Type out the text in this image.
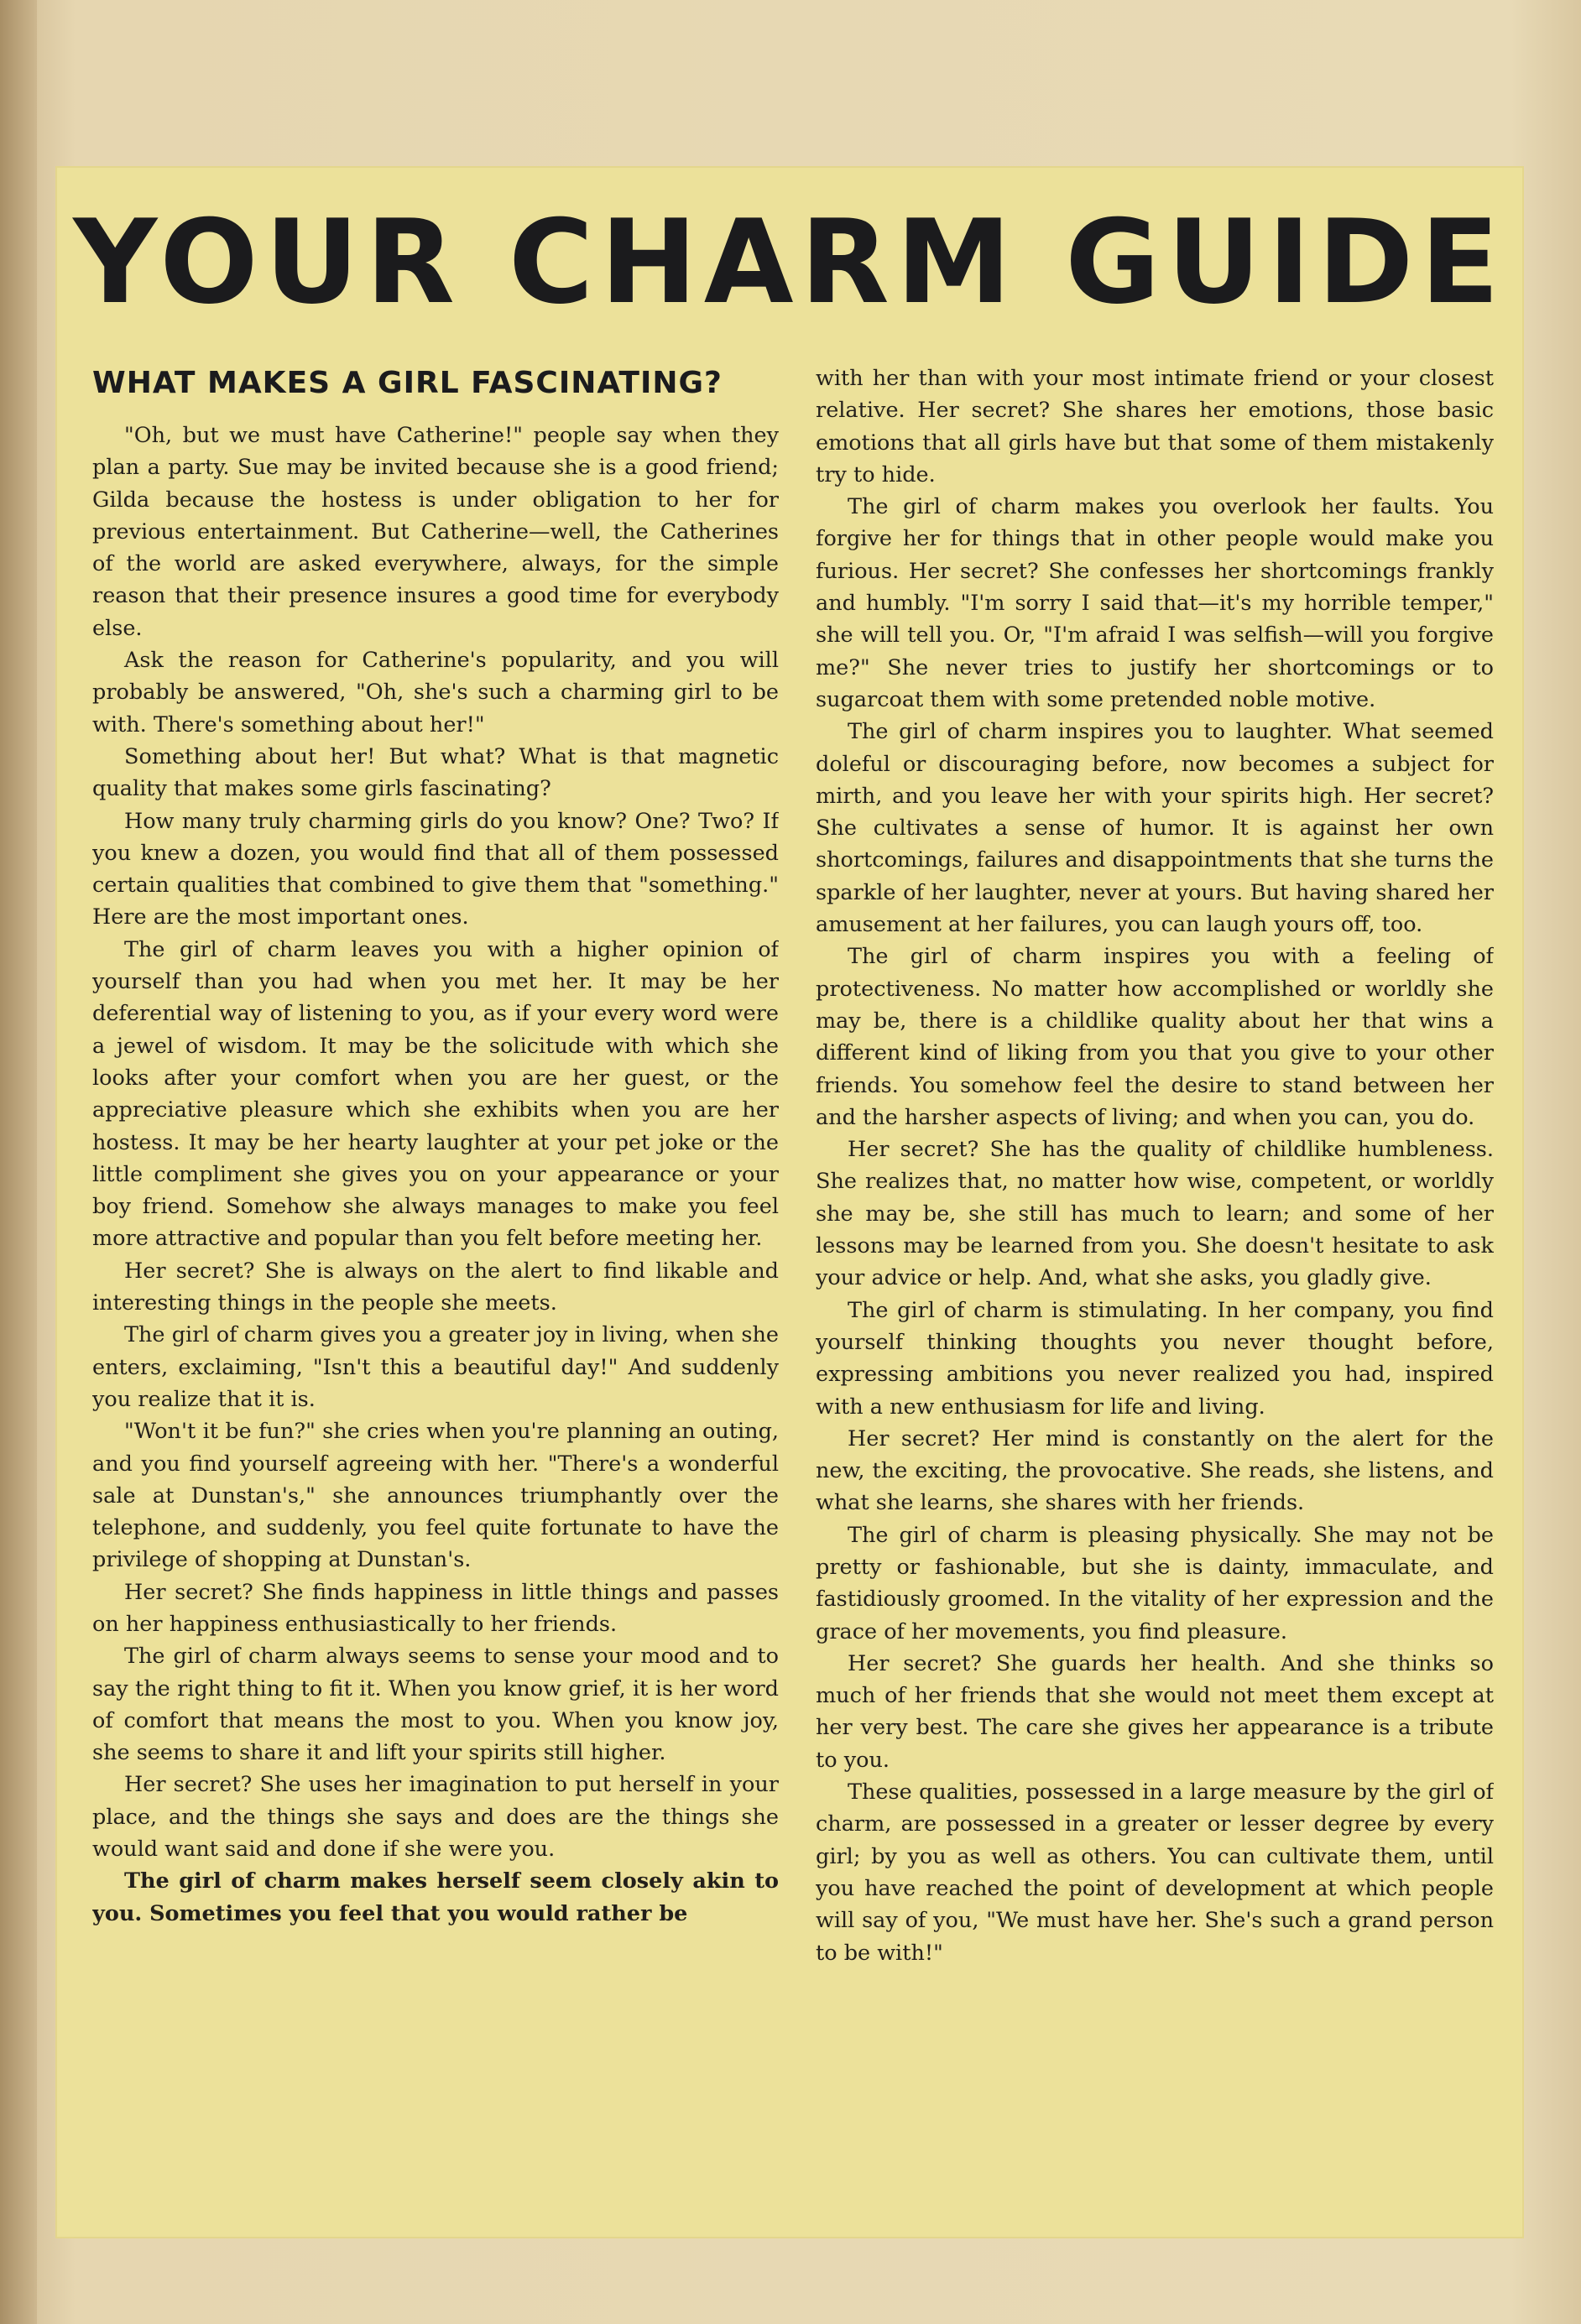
YOUR CHARM GUIDE
WHAT MAKES A GIRL FASCINATING?

"Oh, but we must have Catherine!" people say when they plan a party. Sue may be invited because she is a good friend; Gilda because the hostess is under obligation to her for previous entertainment. But Catherine—well, the Catherines of the world are asked everywhere, always, for the simple reason that their presence insures a good time for everybody else.

Ask the reason for Catherine's popularity, and you will probably be answered, "Oh, she's such a charming girl to be with. There's something about her!"

Something about her! But what? What is that magnetic quality that makes some girls fascinating?

How many truly charming girls do you know? One? Two? If you knew a dozen, you would find that all of them possessed certain qualities that combined to give them that "something." Here are the most important ones.

The girl of charm leaves you with a higher opinion of yourself than you had when you met her. It may be her deferential way of listening to you, as if your every word were a jewel of wisdom. It may be the solicitude with which she looks after your comfort when you are her guest, or the appreciative pleasure which she exhibits when you are her hostess. It may be her hearty laughter at your pet joke or the little compliment she gives you on your appearance or your boy friend. Somehow she always manages to make you feel more attractive and popular than you felt before meeting her.

Her secret? She is always on the alert to find likable and interesting things in the people she meets.

The girl of charm gives you a greater joy in living, when she enters, exclaiming, "Isn't this a beautiful day!" And suddenly you realize that it is.

"Won't it be fun?" she cries when you're planning an outing, and you find yourself agreeing with her. "There's a wonderful sale at Dunstan's," she announces triumphantly over the telephone, and suddenly, you feel quite fortunate to have the privilege of shopping at Dunstan's.

Her secret? She finds happiness in little things and passes on her happiness enthusiastically to her friends.

The girl of charm always seems to sense your mood and to say the right thing to fit it. When you know grief, it is her word of comfort that means the most to you. When you know joy, she seems to share it and lift your spirits still higher.

Her secret? She uses her imagination to put herself in your place, and the things she says and does are the things she would want said and done if she were you.

The girl of charm makes herself seem closely akin to you. Sometimes you feel that you would rather be

with her than with your most intimate friend or your closest relative. Her secret? She shares her emotions, those basic emotions that all girls have but that some of them mistakenly try to hide.

The girl of charm makes you overlook her faults. You forgive her for things that in other people would make you furious. Her secret? She confesses her shortcomings frankly and humbly. "I'm sorry I said that—it's my horrible temper," she will tell you. Or, "I'm afraid I was selfish—will you forgive me?" She never tries to justify her shortcomings or to sugarcoat them with some pretended noble motive.

The girl of charm inspires you to laughter. What seemed doleful or discouraging before, now becomes a subject for mirth, and you leave her with your spirits high. Her secret? She cultivates a sense of humor. It is against her own shortcomings, failures and disappointments that she turns the sparkle of her laughter, never at yours. But having shared her amusement at her failures, you can laugh yours off, too.

The girl of charm inspires you with a feeling of protectiveness. No matter how accomplished or worldly she may be, there is a childlike quality about her that wins a different kind of liking from you that you give to your other friends. You somehow feel the desire to stand between her and the harsher aspects of living; and when you can, you do.

Her secret? She has the quality of childlike humbleness. She realizes that, no matter how wise, competent, or worldly she may be, she still has much to learn; and some of her lessons may be learned from you. She doesn't hesitate to ask your advice or help. And, what she asks, you gladly give.

The girl of charm is stimulating. In her company, you find yourself thinking thoughts you never thought before, expressing ambitions you never realized you had, inspired with a new enthusiasm for life and living.

Her secret? Her mind is constantly on the alert for the new, the exciting, the provocative. She reads, she listens, and what she learns, she shares with her friends.

The girl of charm is pleasing physically. She may not be pretty or fashionable, but she is dainty, immaculate, and fastidiously groomed. In the vitality of her expression and the grace of her movements, you find pleasure.

Her secret? She guards her health. And she thinks so much of her friends that she would not meet them except at her very best. The care she gives her appearance is a tribute to you.

These qualities, possessed in a large measure by the girl of charm, are possessed in a greater or lesser degree by every girl; by you as well as others. You can cultivate them, until you have reached the point of development at which people will say of you, "We must have her. She's such a grand person to be with!"
